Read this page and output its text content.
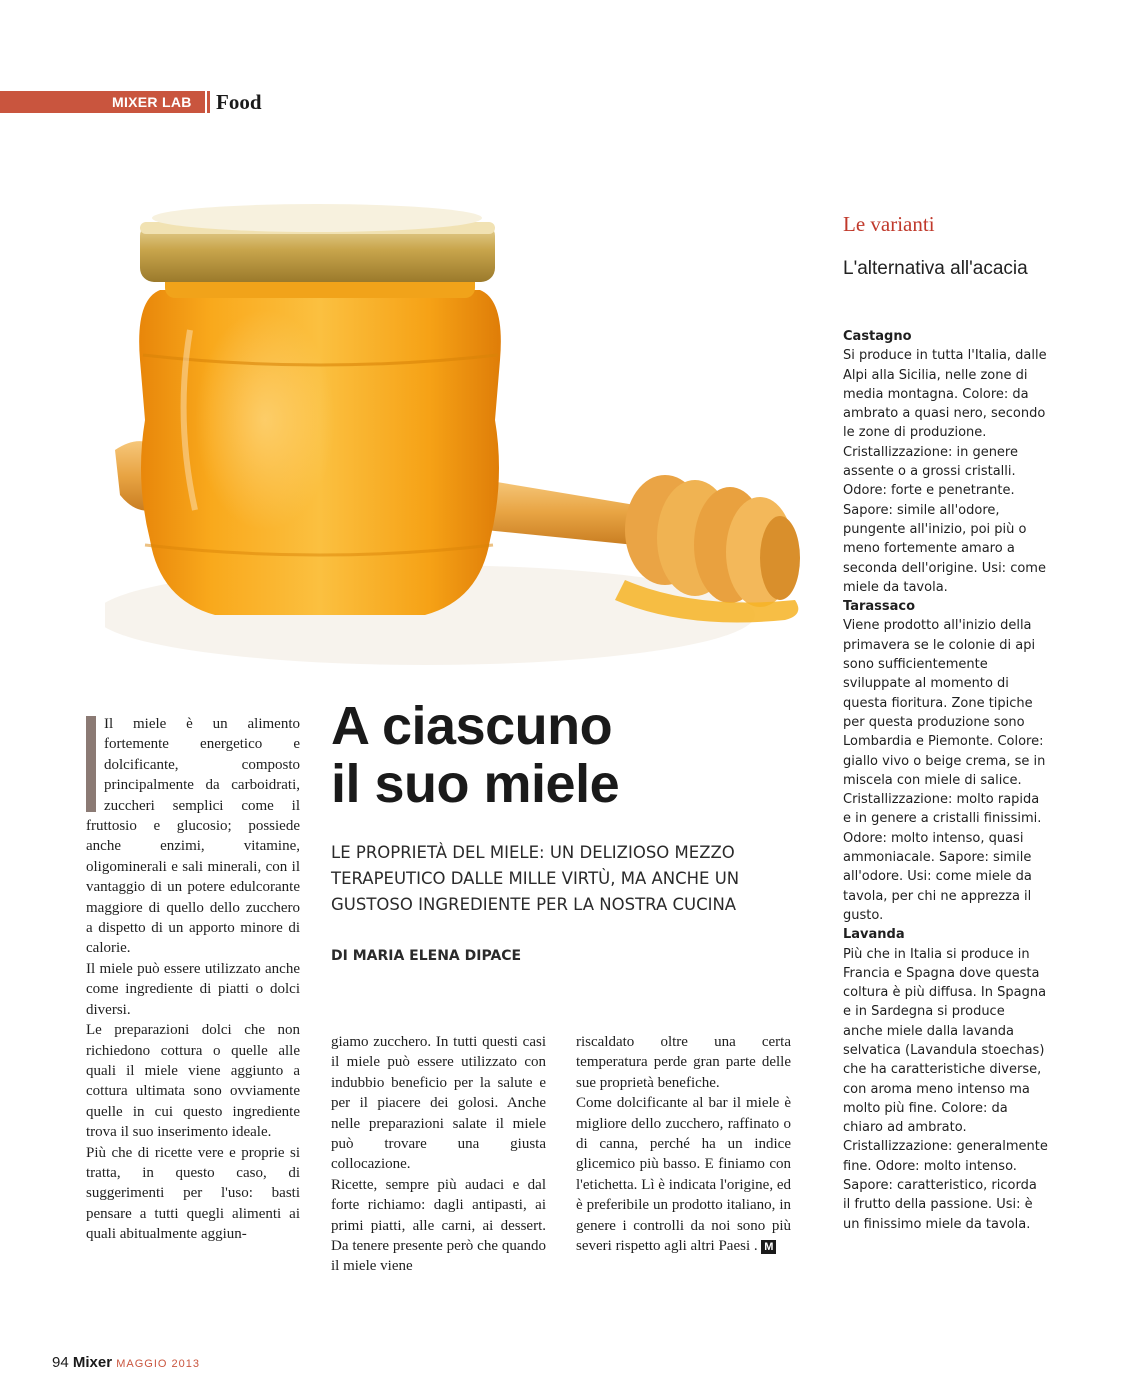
MIXER LAB Food
A ciascuno
il suo miele

LE PROPRIETÀ DEL MIELE: UN DELIZIOSO MEZZO TERAPEUTICO DALLE MILLE VIRTÙ, MA ANCHE UN GUSTOSO INGREDIENTE PER LA NOSTRA CUCINA

DI MARIA ELENA DIPACE

Il miele è un alimento fortemente energetico e dolcificante, composto principalmente da carboidrati, zuccheri semplici come il fruttosio e glucosio; possiede anche enzimi, vitamine, oligominerali e sali minerali, con il vantaggio di un potere edulcorante maggiore di quello dello zucchero a dispetto di un apporto minore di calorie.

Il miele può essere utilizzato anche come ingrediente di piatti o dolci diversi.

Le preparazioni dolci che non richiedono cottura o quelle alle quali il miele viene aggiunto a cottura ultimata sono ovviamente quelle in cui questo ingrediente trova il suo inserimento ideale.

Più che di ricette vere e proprie si tratta, in questo caso, di suggerimenti per l'uso: basti pensare a tutti quegli alimenti ai quali abitualmente aggiun-

giamo zucchero. In tutti questi casi il miele può essere utilizzato con indubbio beneficio per la salute e per il piacere dei golosi. Anche nelle preparazioni salate il miele può trovare una giusta collocazione.

Ricette, sempre più audaci e dal forte richiamo: dagli antipasti, ai primi piatti, alle carni, ai dessert. Da tenere presente però che quando il miele viene

riscaldato oltre una certa temperatura perde gran parte delle sue proprietà benefiche.

Come dolcificante al bar il miele è migliore dello zucchero, raffinato o di canna, perché ha un indice glicemico più basso. E finiamo con l'etichetta. Lì è indicata l'origine, ed è preferibile un prodotto italiano, in genere i controlli da noi sono più severi rispetto agli altri Paesi . M

Le varianti

L'alternativa all'acacia

Castagno

Si produce in tutta l'Italia, dalle Alpi alla Sicilia, nelle zone di media montagna. Colore: da ambrato a quasi nero, secondo le zone di produzione. Cristallizzazione: in genere assente o a grossi cristalli. Odore: forte e penetrante. Sapore: simile all'odore, pungente all'inizio, poi più o meno fortemente amaro a seconda dell'origine. Usi: come miele da tavola.

Tarassaco

Viene prodotto all'inizio della primavera se le colonie di api sono sufficientemente sviluppate al momento di questa fioritura. Zone tipiche per questa produzione sono Lombardia e Piemonte. Colore: giallo vivo o beige crema, se in miscela con miele di salice. Cristallizzazione: molto rapida e in genere a cristalli finissimi. Odore: molto intenso, quasi ammoniacale. Sapore: simile all'odore. Usi: come miele da tavola, per chi ne apprezza il gusto.

Lavanda

Più che in Italia si produce in Francia e Spagna dove questa coltura è più diffusa. In Spagna e in Sardegna si produce anche miele dalla lavanda selvatica (Lavandula stoechas) che ha caratteristiche diverse, con aroma meno intenso ma molto più fine. Colore: da chiaro ad ambrato. Cristallizzazione: generalmente fine. Odore: molto intenso. Sapore: caratteristico, ricorda il frutto della passione. Usi: è un finissimo miele da tavola.

94 Mixer MAGGIO 2013
